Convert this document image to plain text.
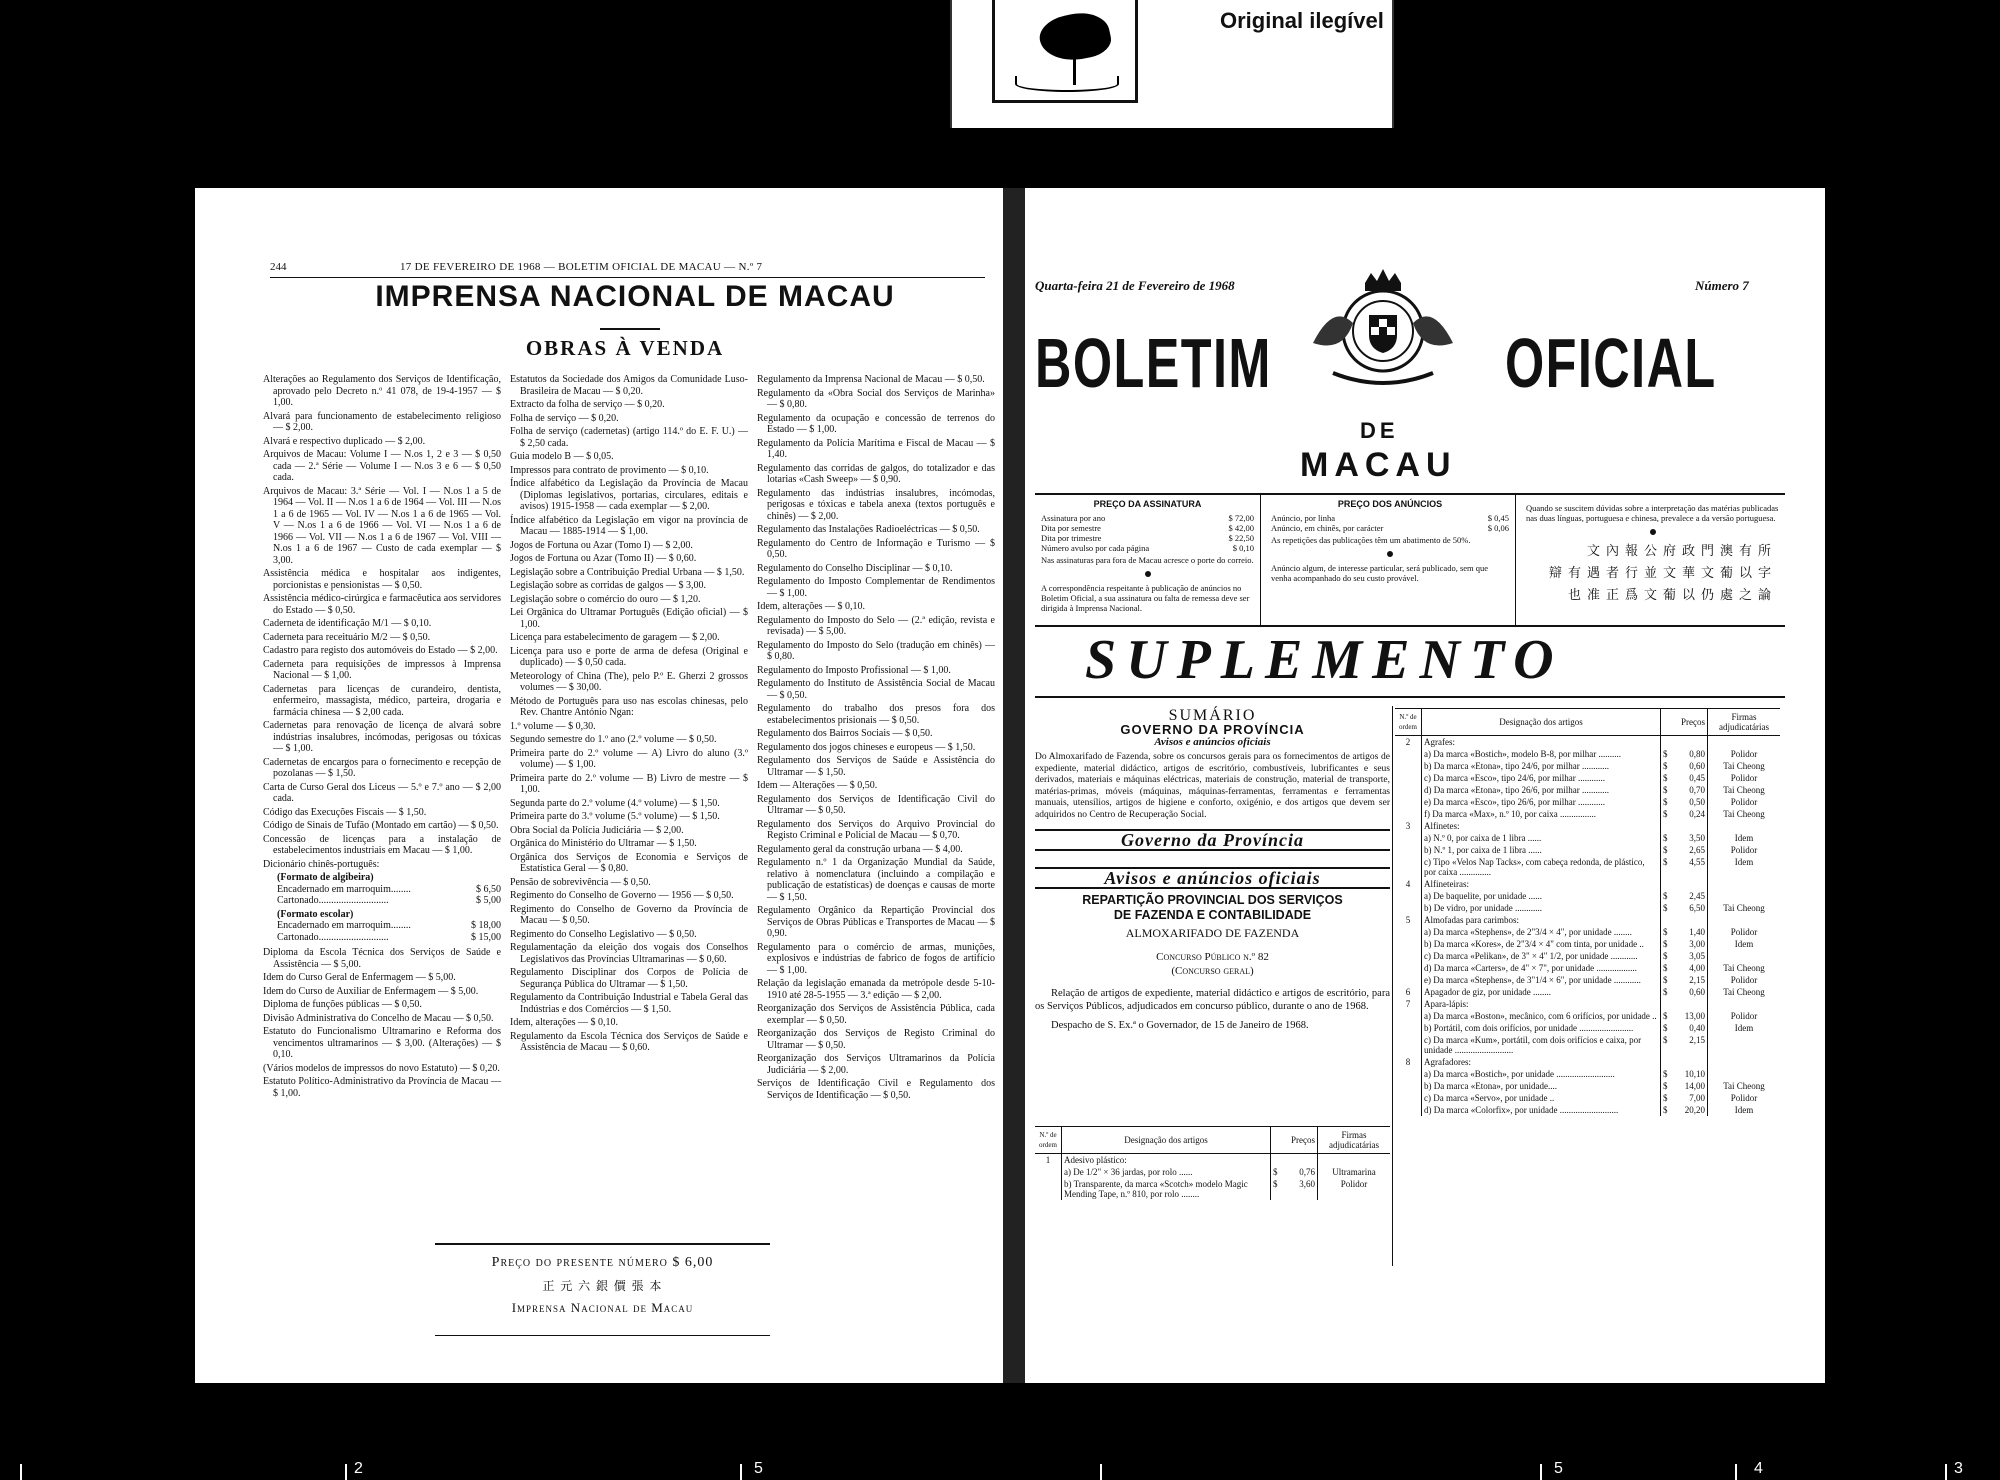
Original ilegível
244	17 DE FEVEREIRO DE 1968 — BOLETIM OFICIAL DE MACAU — N.º 7
IMPRENSA NACIONAL DE MACAU
OBRAS À VENDA
Alterações ao Regulamento dos Serviços de Identificação, aprovado pelo Decreto n.º 41 078, de 19-4-1957 — $ 1,00.
Alvará para funcionamento de estabelecimento religioso — $ 2,00.
Alvará e respectivo duplicado — $ 2,00.
Arquivos de Macau: Volume I — N.os 1, 2 e 3 — $ 0,50 cada — 2.ª Série — Volume I — N.os 3 e 6 — $ 0,50 cada.
Arquivos de Macau: 3.ª Série — Vol. I — N.os 1 a 5 de 1964 — Vol. II — N.os 1 a 6 de 1964 — Vol. III — N.os 1 a 6 de 1965 — Vol. IV — N.os 1 a 6 de 1965 — Vol. V — N.os 1 a 6 de 1966 — Vol. VI — N.os 1 a 6 de 1966 — Vol. VII — N.os 1 a 6 de 1967 — Vol. VIII — N.os 1 a 6 de 1967 — Custo de cada exemplar — $ 3,00.
Assistência médica e hospitalar aos indigentes, porcionistas e pensionistas — $ 0,50.
Assistência médico-cirúrgica e farmacêutica aos servidores do Estado — $ 0,50.
Caderneta de identificação M/1 — $ 0,10.
Caderneta para receituário M/2 — $ 0,50.
Cadastro para registo dos automóveis do Estado — $ 2,00.
Caderneta para requisições de impressos à Imprensa Nacional — $ 1,00.
Cadernetas para licenças de curandeiro, dentista, enfermeiro, massagista, médico, parteira, drogaria e farmácia chinesa — $ 2,00 cada.
Cadernetas para renovação de licença de alvará sobre indústrias insalubres, incómodas, perigosas ou tóxicas — $ 1,00.
Cadernetas de encargos para o fornecimento e recepção de pozolanas — $ 1,50.
Carta de Curso Geral dos Liceus — 5.º e 7.º ano — $ 2,00 cada.
Código das Execuções Fiscais — $ 1,50.
Código de Sinais de Tufão (Montado em cartão) — $ 0,50.
Concessão de licenças para a instalação de estabelecimentos industriais em Macau — $ 1,00.
Dicionário chinês-português:
(Formato de algibeira)
Encadernado em marroquim........	$ 6,50
Cartonado............................	$ 5,00
(Formato escolar)
Encadernado em marroquim........	$ 18,00
Cartonado............................	$ 15,00
Diploma da Escola Técnica dos Serviços de Saúde e Assistência — $ 5,00.
Idem do Curso Geral de Enfermagem — $ 5,00.
Idem do Curso de Auxiliar de Enfermagem — $ 5,00.
Diploma de funções públicas — $ 0,50.
Divisão Administrativa do Concelho de Macau — $ 0,50.
Estatuto do Funcionalismo Ultramarino e Reforma dos vencimentos ultramarinos — $ 3,00. (Alterações) — $ 0,10.
(Vários modelos de impressos do novo Estatuto) — $ 0,20.
Estatuto Político-Administrativo da Província de Macau — $ 1,00.
Estatutos da Sociedade dos Amigos da Comunidade Luso-Brasileira de Macau — $ 0,20.
Extracto da folha de serviço — $ 0,20.
Folha de serviço — $ 0,20.
Folha de serviço (cadernetas) (artigo 114.º do E. F. U.) — $ 2,50 cada.
Guia modelo B — $ 0,05.
Impressos para contrato de provimento — $ 0,10.
Índice alfabético da Legislação da Província de Macau (Diplomas legislativos, portarias, circulares, editais e avisos) 1915-1958 — cada exemplar — $ 2,00.
Índice alfabético da Legislação em vigor na província de Macau — 1885-1914 — $ 1,00.
Jogos de Fortuna ou Azar (Tomo I) — $ 2,00.
Jogos de Fortuna ou Azar (Tomo II) — $ 0,60.
Legislação sobre a Contribuição Predial Urbana — $ 1,50.
Legislação sobre as corridas de galgos — $ 3,00.
Legislação sobre o comércio do ouro — $ 1,20.
Lei Orgânica do Ultramar Português (Edição oficial) — $ 1,00.
Licença para estabelecimento de garagem — $ 2,00.
Licença para uso e porte de arma de defesa (Original e duplicado) — $ 0,50 cada.
Meteorology of China (The), pelo P.º E. Gherzi 2 grossos volumes — $ 30,00.
Método de Português para uso nas escolas chinesas, pelo Rev. Chantre António Ngan:
1.º volume — $ 0,30.
Segundo semestre do 1.º ano (2.º volume — $ 0,50.
Primeira parte do 2.º volume — A) Livro do aluno (3.º volume) — $ 1,00.
Primeira parte do 2.º volume — B) Livro de mestre — $ 1,00.
Segunda parte do 2.º volume (4.º volume) — $ 1,50.
Primeira parte do 3.º volume (5.º volume) — $ 1,50.
Obra Social da Polícia Judiciária — $ 2,00.
Orgânica do Ministério do Ultramar — $ 1,50.
Orgânica dos Serviços de Economia e Serviços de Estatística Geral — $ 0,80.
Pensão de sobrevivência — $ 0,50.
Regimento do Conselho de Governo — 1956 — $ 0,50.
Regimento do Conselho de Governo da Província de Macau — $ 0,50.
Regimento do Conselho Legislativo — $ 0,50.
Regulamentação da eleição dos vogais dos Conselhos Legislativos das Províncias Ultramarinas — $ 0,60.
Regulamento Disciplinar dos Corpos de Polícia de Segurança Pública do Ultramar — $ 1,50.
Regulamento da Contribuição Industrial e Tabela Geral das Indústrias e dos Comércios — $ 1,50.
Idem, alterações — $ 0,10.
Regulamento da Escola Técnica dos Serviços de Saúde e Assistência de Macau — $ 0,60.
Regulamento da Imprensa Nacional de Macau — $ 0,50.
Regulamento da «Obra Social dos Serviços de Marinha» — $ 0,80.
Regulamento da ocupação e concessão de terrenos do Estado — $ 1,00.
Regulamento da Polícia Marítima e Fiscal de Macau — $ 1,40.
Regulamento das corridas de galgos, do totalizador e das lotarias «Cash Sweep» — $ 0,90.
Regulamento das indústrias insalubres, incómodas, perigosas e tóxicas e tabela anexa (textos português e chinês) — $ 2,00.
Regulamento das Instalações Radioeléctricas — $ 0,50.
Regulamento do Centro de Informação e Turismo — $ 0,50.
Regulamento do Conselho Disciplinar — $ 0,10.
Regulamento do Imposto Complementar de Rendimentos — $ 1,00.
Idem, alterações — $ 0,10.
Regulamento do Imposto do Selo — (2.ª edição, revista e revisada) — $ 5,00.
Regulamento do Imposto do Selo (tradução em chinês) — $ 0,80.
Regulamento do Imposto Profissional — $ 1,00.
Regulamento do Instituto de Assistência Social de Macau — $ 0,50.
Regulamento do trabalho dos presos fora dos estabelecimentos prisionais — $ 0,50.
Regulamento dos Bairros Sociais — $ 0,50.
Regulamento dos jogos chineses e europeus — $ 1,50.
Regulamento dos Serviços de Saúde e Assistência do Ultramar — $ 1,50.
Idem — Alterações — $ 0,50.
Regulamento dos Serviços de Identificação Civil do Ultramar — $ 0,50.
Regulamento dos Serviços do Arquivo Provincial do Registo Criminal e Policial de Macau — $ 0,70.
Regulamento geral da construção urbana — $ 4,00.
Regulamento n.º 1 da Organização Mundial da Saúde, relativo à nomenclatura (incluindo a compilação e publicação de estatísticas) de doenças e causas de morte — $ 1,50.
Regulamento Orgânico da Repartição Provincial dos Serviços de Obras Públicas e Transportes de Macau — $ 0,90.
Regulamento para o comércio de armas, munições, explosivos e indústrias de fabrico de fogos de artifício — $ 1,00.
Relação da legislação emanada da metrópole desde 5-10-1910 até 28-5-1955 — 3.ª edição — $ 2,00.
Reorganização dos Serviços de Assistência Pública, cada exemplar — $ 0,50.
Reorganização dos Serviços de Registo Criminal do Ultramar — $ 0,50.
Reorganização dos Serviços Ultramarinos da Polícia Judiciária — $ 2,00.
Serviços de Identificação Civil e Regulamento dos Serviços de Identificação — $ 0,50.
Preço do presente número $ 6,00
正 元 六 銀 價 張 本
Imprensa Nacional de Macau
Quarta-feira 21 de Fevereiro de 1968	Número 7
BOLETIM	OFICIAL
DE
MACAU
PREÇO DA ASSINATURA
Assinatura por ano	$ 72,00
Dita por semestre	$ 42,00
Dita por trimestre	$ 22,50
Número avulso por cada página	$ 0,10

Nas assinaturas para fora de Macau acresce o porte do correio.

A correspondência respeitante à publicação de anúncios no Boletim Oficial, a sua assinatura ou falta de remessa deve ser dirigida à Imprensa Nacional.

PREÇO DOS ANÚNCIOS
Anúncio, por linha	$ 0,45
Anúncio, em chinês, por carácter	$ 0,06

As repetições das publicações têm um abatimento de 50%.

Anúncio algum, de interesse particular, será publicado, sem que venha acompanhado do seu custo provável.

Quando se suscitem dúvidas sobre a interpretação das matérias publicadas nas duas línguas, portuguesa e chinesa, prevalece a da versão portuguesa.

文內報公府政門澳有所
辯有遇者行並文華文葡以字
也准正爲文葡以仍處之論
SUPLEMENTO
SUMÁRIO
GOVERNO DA PROVÍNCIA
Avisos e anúncios oficiais
Do Almoxarifado de Fazenda, sobre os concursos gerais para os fornecimentos de artigos de expediente, material didáctico, artigos de escritório, combustíveis, lubrificantes e seus derivados, materiais e máquinas eléctricas, materiais de construção, material de transporte, matérias-primas, móveis (máquinas, máquinas-ferramentas, ferramentas e ferramentas manuais, utensílios, artigos de higiene e conforto, oxigénio, e dos artigos que devem ser adquiridos no Centro de Recuperação Social.
Governo da Província
Avisos e anúncios oficiais
REPARTIÇÃO PROVINCIAL DOS SERVIÇOS
DE FAZENDA E CONTABILIDADE
ALMOXARIFADO DE FAZENDA
Concurso Público n.º 82
(Concurso geral)
Relação de artigos de expediente, material didáctico e artigos de escritório, para os Serviços Públicos, adjudicados em concurso público, durante o ano de 1968.
Despacho de S. Ex.ª o Governador, de 15 de Janeiro de 1968.
N.º de ordem	Designação dos artigos	Preços	Firmas adjudicatárias
1	Adesivo plástico:		
	a) De 1/2" × 36 jardas, por rolo ......	$ 0,76	Ultramarina
	b) Transparente, da marca «Scotch» modelo Magic Mending Tape, n.º 810, por rolo ........	$ 3,60	Polidor
N.º de ordem	Designação dos artigos	Preços	Firmas adjudicatárias
2	Agrafes:		
	a) Da marca «Bostich», modelo B-8, por milhar ..........	$ 0,80	Polidor
	b) Da marca «Etona», tipo 24/6, por milhar ............	$ 0,60	Tai Cheong
	c) Da marca «Esco», tipo 24/6, por milhar ............	$ 0,45	Polidor
	d) Da marca «Etona», tipo 26/6, por milhar ............	$ 0,70	Tai Cheong
	e) Da marca «Esco», tipo 26/6, por milhar ............	$ 0,50	Polidor
	f) Da marca «Max», n.º 10, por caixa ................	$ 0,24	Tai Cheong
3	Alfinetes:		
	a) N.º 0, por caixa de 1 libra ......	$ 3,50	Idem
	b) N.º 1, por caixa de 1 libra ......	$ 2,65	Polidor
	c) Tipo «Velos Nap Tacks», com cabeça redonda, de plástico, por caixa ..............	$ 4,55	Idem
4	Alfineteiras:		
	a) De baquelite, por unidade ......	$ 2,45	
	b) De vidro, por unidade ............	$ 6,50	Tai Cheong
5	Almofadas para carimbos:		
	a) Da marca «Stephens», de 2"3/4 × 4", por unidade ........	$ 1,40	Polidor
	b) Da marca «Kores», de 2"3/4 × 4" com tinta, por unidade ..	$ 3,00	Idem
	c) Da marca «Pelikan», de 3" × 4" 1/2, por unidade ............	$ 3,05	
	d) Da marca «Carters», de 4" × 7", por unidade ..................	$ 4,00	Tai Cheong
	e) Da marca «Stephens», de 3"1/4 × 6", por unidade ............	$ 2,15	Polidor
6	Apagador de giz, por unidade ........	$ 0,60	Tai Cheong
7	Apara-lápis:		
	a) Da marca «Boston», mecânico, com 6 orifícios, por unidade ..	$ 13,00	Polidor
	b) Portátil, com dois orifícios, por unidade ........................	$ 0,40	Idem
	c) Da marca «Kum», portátil, com dois orifícios e caixa, por unidade ..........................	$ 2,15	
8	Agrafadores:		
	a) Da marca «Bostich», por unidade ..........................	$ 10,10	
	b) Da marca «Etona», por unidade....	$ 14,00	Tai Cheong
	c) Da marca «Servo», por unidade ..	$ 7,00	Polidor
	d) Da marca «Colorfix», por unidade ..........................	$ 20,20	Idem
2	5	5	4	3
